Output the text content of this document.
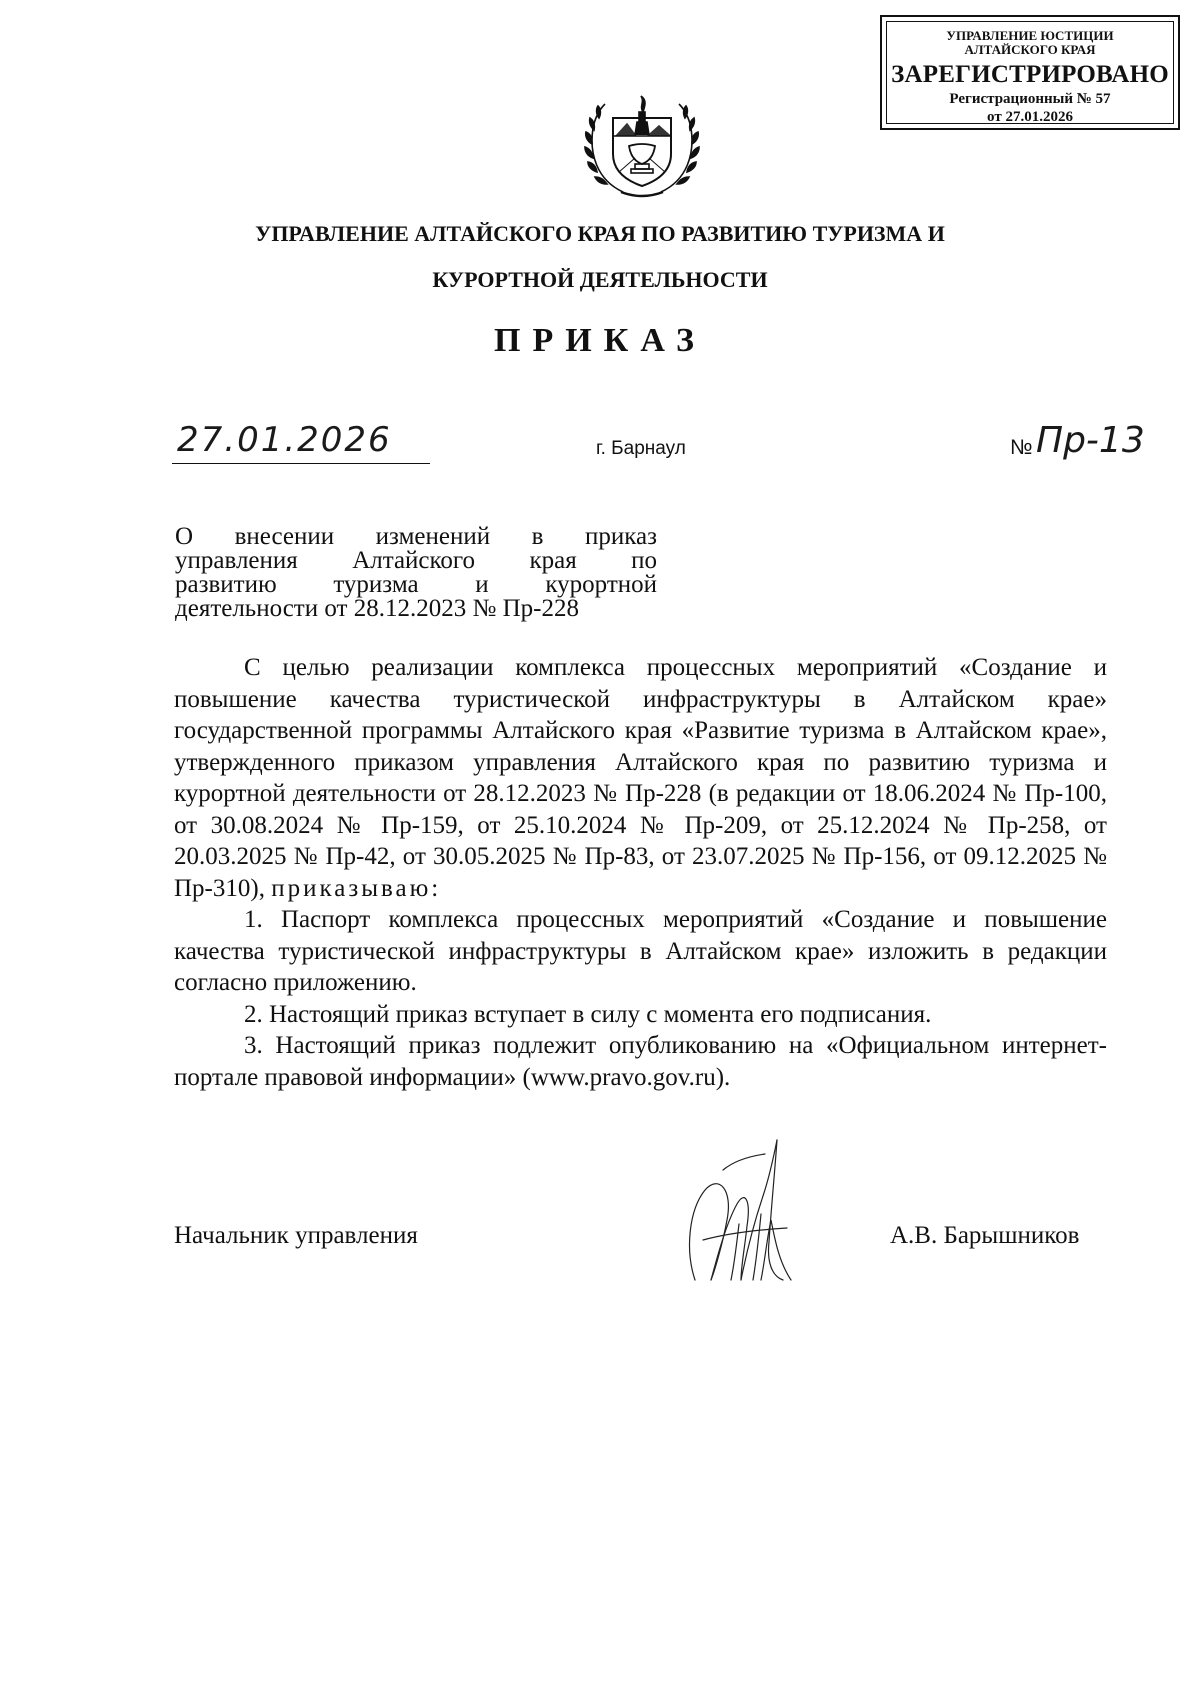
УПРАВЛЕНИЕ ЮСТИЦИИ
АЛТАЙСКОГО КРАЯ
ЗАРЕГИСТРИРОВАНО
Регистрационный № 57
от 27.01.2026
УПРАВЛЕНИЕ АЛТАЙСКОГО КРАЯ ПО РАЗВИТИЮ ТУРИЗМА И
КУРОРТНОЙ ДЕЯТЕЛЬНОСТИ
ПРИКАЗ
27.01.2026	г. Барнаул	№ Пр-13
О внесении изменений в приказ
управления Алтайского края по
развитию туризма и курортной
деятельности от 28.12.2023 № Пр-228

С целью реализации комплекса процессных мероприятий «Создание и повышение качества туристической инфраструктуры в Алтайском крае» государственной программы Алтайского края «Развитие туризма в Алтайском крае», утвержденного приказом управления Алтайского края по развитию туризма и курортной деятельности от 28.12.2023 № Пр-228 (в редакции от 18.06.2024 № Пр-100, от 30.08.2024 № Пр-159, от 25.10.2024 № Пр-209, от 25.12.2024 № Пр-258, от 20.03.2025 № Пр-42, от 30.05.2025 № Пр-83, от 23.07.2025 № Пр-156, от 09.12.2025 № Пр-310), приказываю:

1. Паспорт комплекса процессных мероприятий «Создание и повышение качества туристической инфраструктуры в Алтайском крае» изложить в редакции согласно приложению.

2. Настоящий приказ вступает в силу с момента его подписания.

3. Настоящий приказ подлежит опубликованию на «Официальном интернет-портале правовой информации» (www.pravo.gov.ru).

Начальник управления	А.В. Барышников
